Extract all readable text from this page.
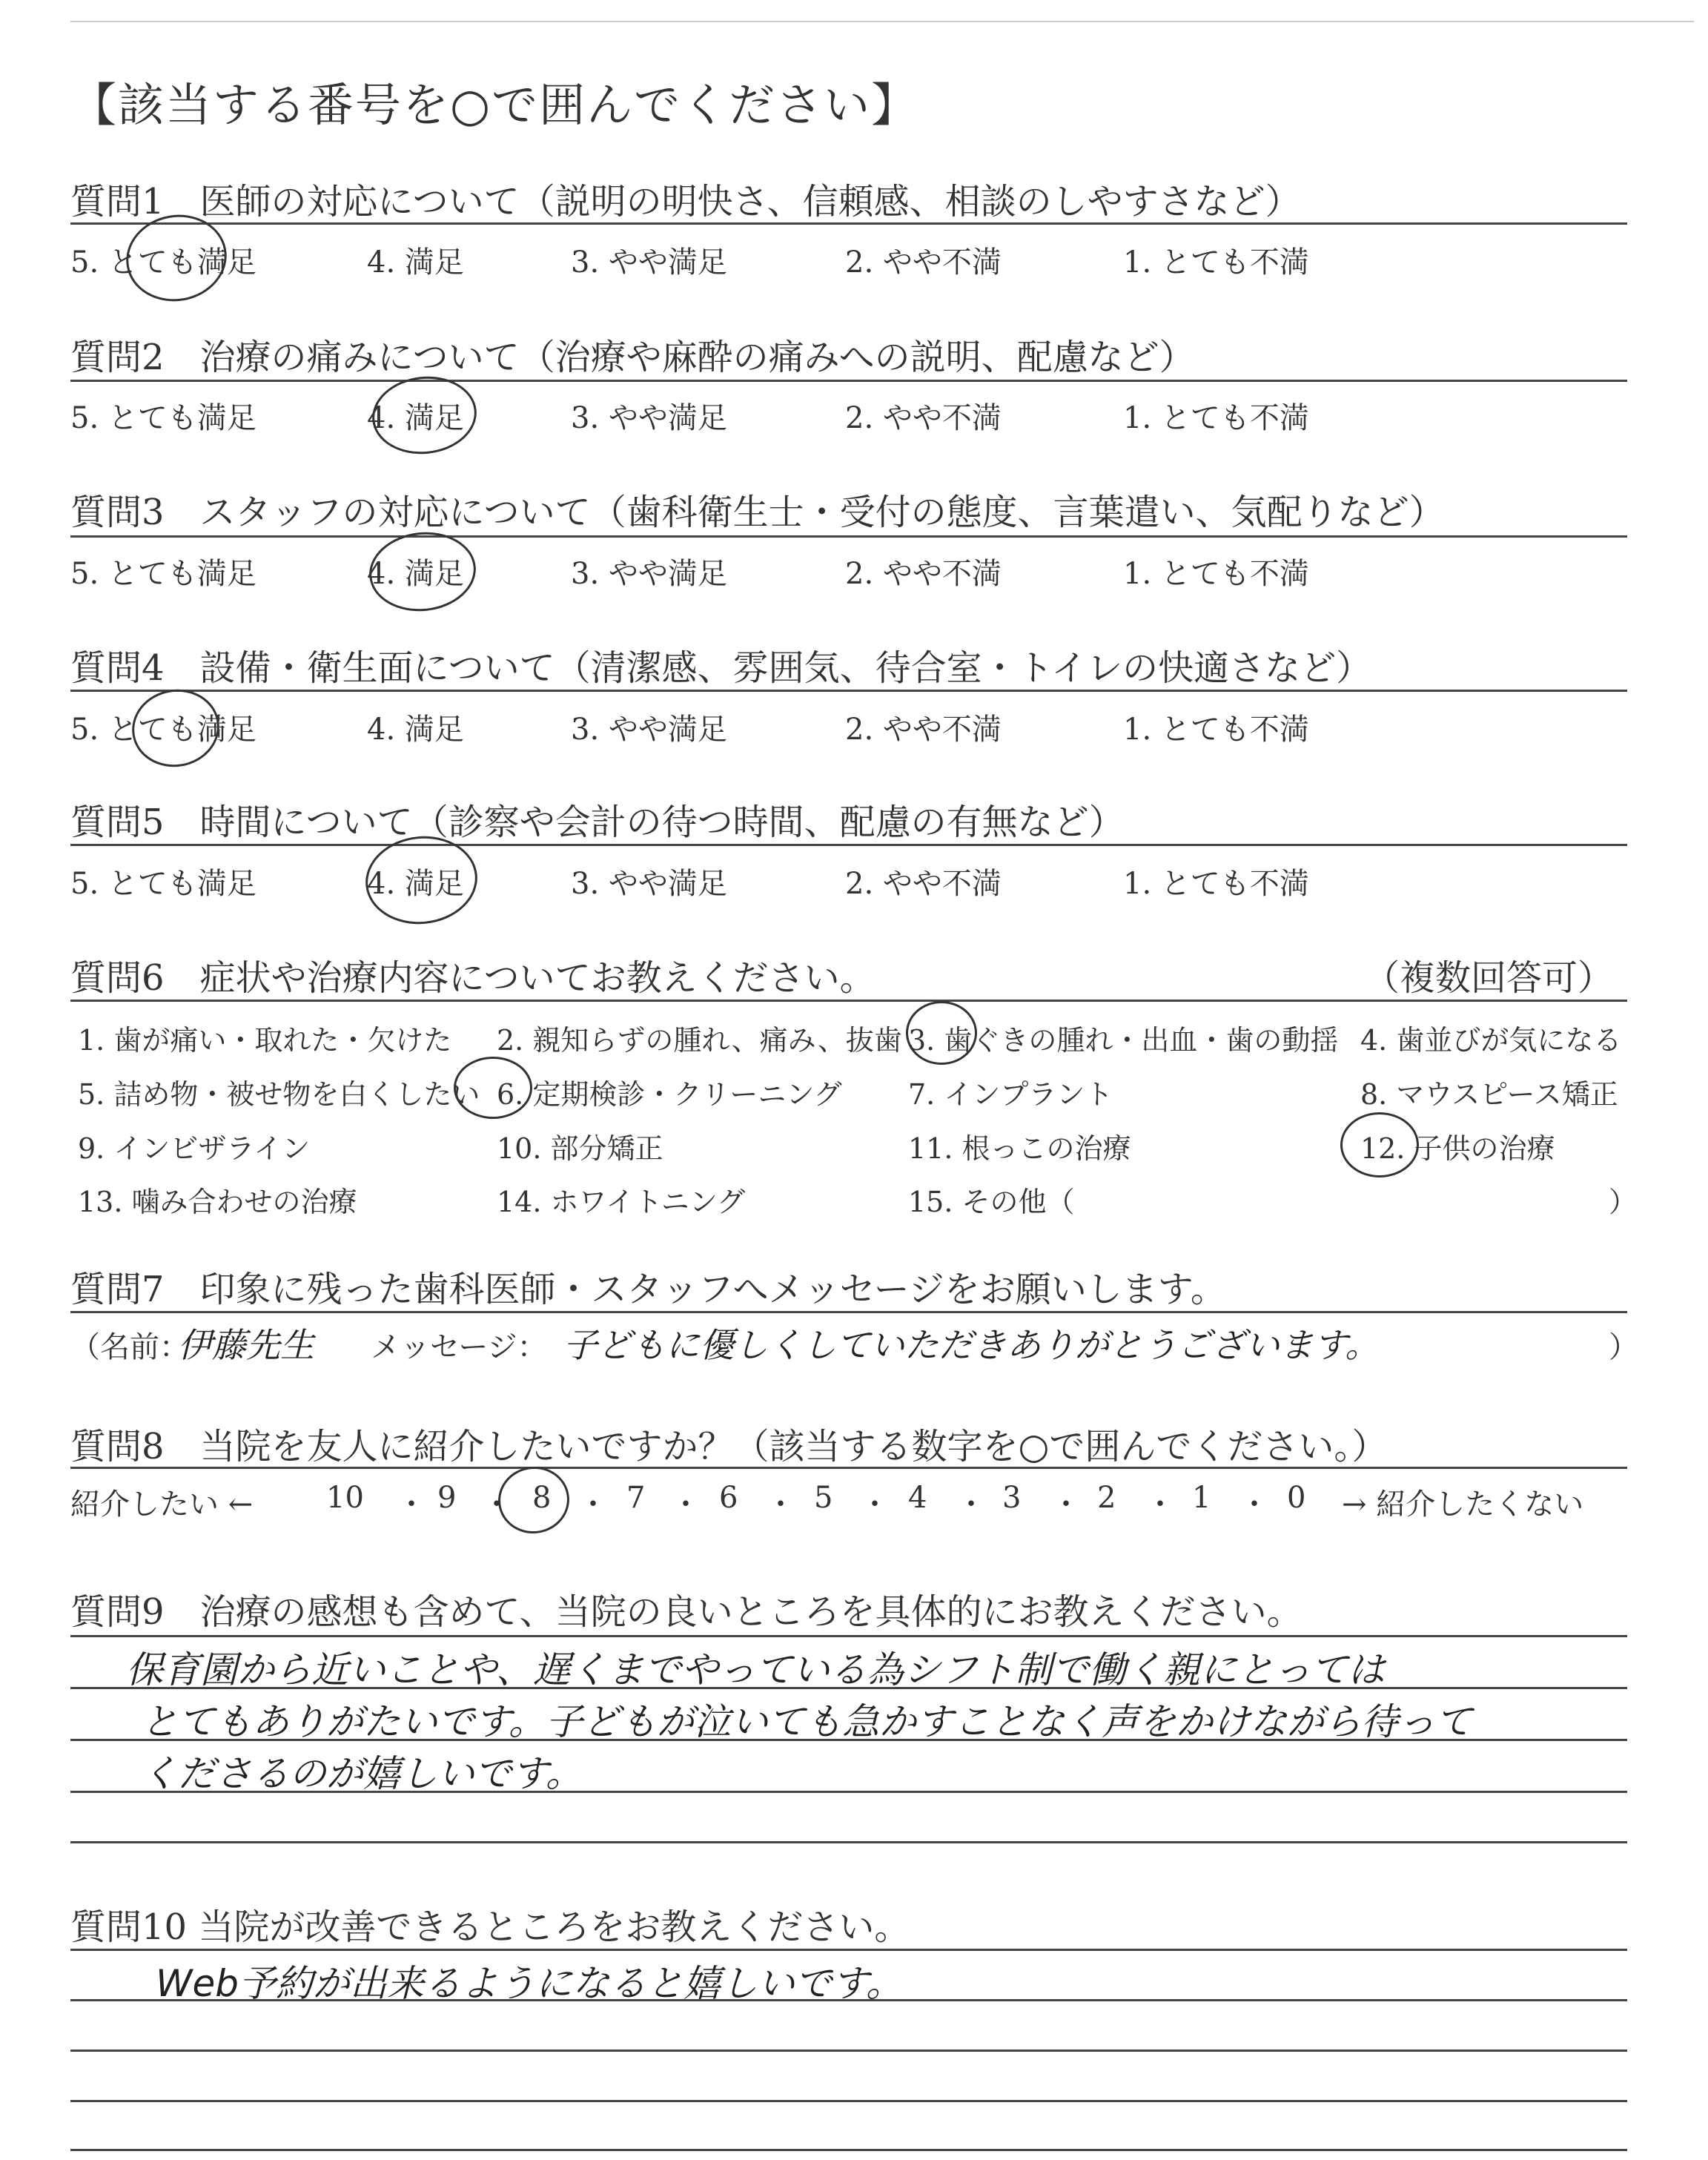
【該当する番号を○で囲んでください】
質問1　医師の対応について（説明の明快さ、信頼感、相談のしやすさなど）
5. とても満足	4. 満足	3. やや満足	2. やや不満	1. とても不満
質問2　治療の痛みについて（治療や麻酔の痛みへの説明、配慮など）
5. とても満足	4. 満足	3. やや満足	2. やや不満	1. とても不満
質問3　スタッフの対応について（歯科衛生士・受付の態度、言葉遣い、気配りなど）
5. とても満足	4. 満足	3. やや満足	2. やや不満	1. とても不満
質問4　設備・衛生面について（清潔感、雰囲気、待合室・トイレの快適さなど）
5. とても満足	4. 満足	3. やや満足	2. やや不満	1. とても不満
質問5　時間について（診察や会計の待つ時間、配慮の有無など）
5. とても満足	4. 満足	3. やや満足	2. やや不満	1. とても不満
質問6　症状や治療内容についてお教えください。	（複数回答可）
1. 歯が痛い・取れた・欠けた 2. 親知らずの腫れ、痛み、抜歯 3. 歯ぐきの腫れ・出血・歯の動揺 4. 歯並びが気になる
5. 詰め物・被せ物を白くしたい 6. 定期検診・クリーニング 7. インプラント	8. マウスピース矯正
9. インビザライン	10. 部分矯正	11. 根っこの治療	12. 子供の治療
13. 噛み合わせの治療	14. ホワイトニング	15. その他（	）
質問7　印象に残った歯科医師・スタッフへメッセージをお願いします。
（名前：
伊藤先生 メッセージ： 子どもに優しくしていただきありがとうございます。	）
質問8　当院を友人に紹介したいですか？（該当する数字を○で囲んでください。）
紹介したい ← 10 ・ 9 ・ 8 ・ 7 ・ 6 ・ 5 ・ 4 ・ 3 ・ 2 ・ 1 ・ 0 → 紹介したくない
質問9　治療の感想も含めて、当院の良いところを具体的にお教えください。
保育園から近いことや、遅くまでやっている為シフト制で働く親にとっては
とてもありがたいです。子どもが泣いても急かすことなく声をかけながら待って
くださるのが嬉しいです。
質問10 当院が改善できるところをお教えください。
Web予約が出来るようになると嬉しいです。
